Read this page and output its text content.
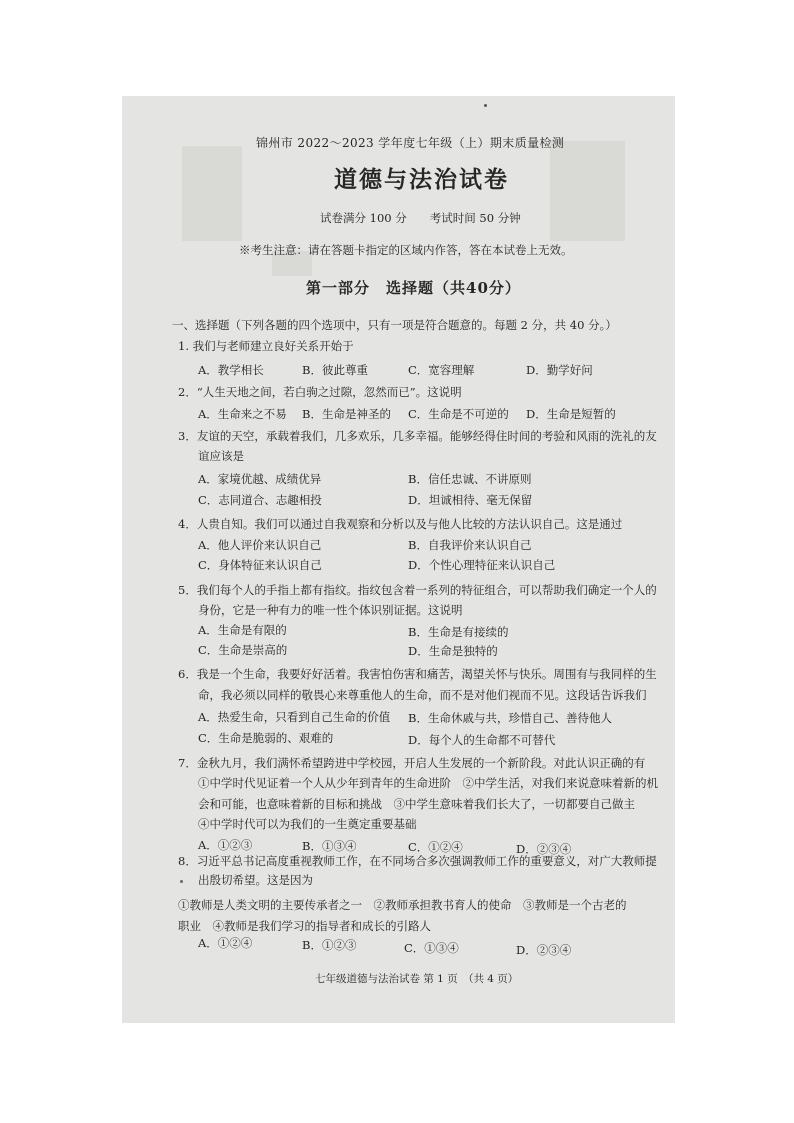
锦州市 2022～2023 学年度七年级（上）期末质量检测
道德与法治试卷
试卷满分 100 分　　考试时间 50 分钟
※考生注意：请在答题卡指定的区域内作答，答在本试卷上无效。
第一部分　选择题（共40分）
一、选择题（下列各题的四个选项中，只有一项是符合题意的。每题 2 分，共 40 分。）
1. 我们与老师建立良好关系开始于
A．教学相长	B．彼此尊重	C．宽容理解	D．勤学好问
2．“人生天地之间，若白驹之过隙，忽然而已”。这说明
A．生命来之不易 B．生命是神圣的 C．生命是不可逆的 D．生命是短暂的
3．友谊的天空，承载着我们，几多欢乐，几多幸福。能够经得住时间的考验和风雨的洗礼的友
谊应该是
A．家境优越、成绩优异	B．信任忠诚、不讲原则
C．志同道合、志趣相投	D．坦诚相待、毫无保留
4．人贵自知。我们可以通过自我观察和分析以及与他人比较的方法认识自己。这是通过
A．他人评价来认识自己	B．自我评价来认识自己
C．身体特征来认识自己	D．个性心理特征来认识自己
5．我们每个人的手指上都有指纹。指纹包含着一系列的特征组合，可以帮助我们确定一个人的
身份，它是一种有力的唯一性个体识别证据。这说明
A．生命是有限的	B．生命是有接续的
C．生命是崇高的	D．生命是独特的
6．我是一个生命，我要好好活着。我害怕伤害和痛苦，渴望关怀与快乐。周围有与我同样的生
命，我必须以同样的敬畏心来尊重他人的生命，而不是对他们视而不见。这段话告诉我们
A．热爱生命，只看到自己生命的价值 B．生命休戚与共，珍惜自己、善待他人
C．生命是脆弱的、艰难的	D．每个人的生命都不可替代
7．金秋九月，我们满怀希望跨进中学校园，开启人生发展的一个新阶段。对此认识正确的有
①中学时代见证着一个人从少年到青年的生命进阶　②中学生活，对我们来说意味着新的机
会和可能，也意味着新的目标和挑战　③中学生意味着我们长大了，一切都要自己做主
④中学时代可以为我们的一生奠定重要基础
A．①②③	B．①③④	C．①②④	D．②③④
8．习近平总书记高度重视教师工作，在不同场合多次强调教师工作的重要意义，对广大教师提
出殷切希望。这是因为
①教师是人类文明的主要传承者之一　②教师承担教书育人的使命　③教师是一个古老的
职业　④教师是我们学习的指导者和成长的引路人
A．①②④	B．①②③	C．①③④	D．②③④
七年级道德与法治试卷 第 1 页　（共 4 页）
